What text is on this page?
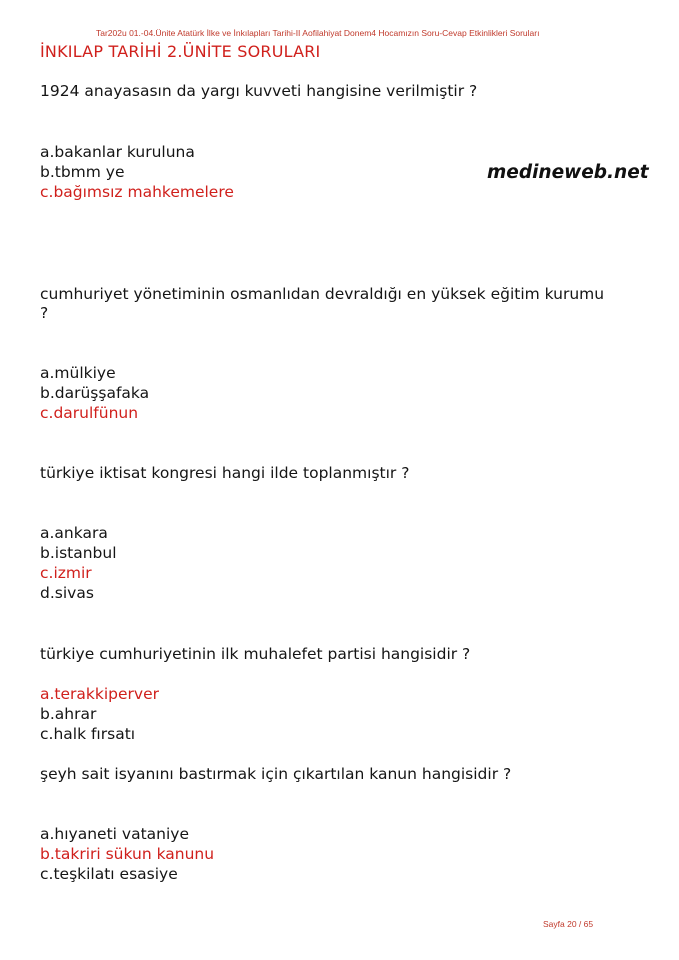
Tar202u 01.-04.Ünite Atatürk İlke ve İnkılapları Tarihi-II Aofilahiyat Donem4 Hocamızın Soru-Cevap Etkinlikleri Soruları
İNKILAP TARİHİ 2.ÜNİTE SORULARI
1924 anayasasın da yargı kuvveti hangisine verilmiştir ?
a.bakanlar kuruluna
b.tbmm ye
c.bağımsız mahkemelere
medineweb.net
cumhuriyet yönetiminin osmanlıdan devraldığı en yüksek eğitim kurumu
?
a.mülkiye
b.darüşşafaka
c.darulfünun
türkiye iktisat kongresi hangi ilde toplanmıştır ?
a.ankara
b.istanbul
c.izmir
d.sivas
türkiye cumhuriyetinin ilk muhalefet partisi hangisidir ?
a.terakkiperver
b.ahrar
c.halk fırsatı
şeyh sait isyanını bastırmak için çıkartılan kanun hangisidir ?
a.hıyaneti vataniye
b.takriri sükun kanunu
c.teşkilatı esasiye
Sayfa 20 / 65
